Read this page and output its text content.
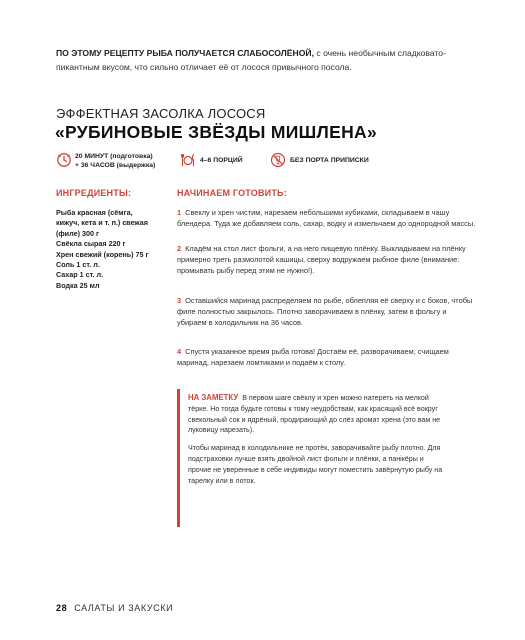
ПО ЭТОМУ РЕЦЕПТУ РЫБА ПОЛУЧАЕТСЯ СЛАБОСОЛЁНОЙ, с очень необычным сладковато-пикантным вкусом, что сильно отличает её от лосося привычного посола.
ЭФФЕКТНАЯ ЗАСОЛКА ЛОСОСЯ
«РУБИНОВЫЕ ЗВЁЗДЫ МИШЛЕНА»
20 МИНУТ (подготовка)
+ 36 ЧАСОВ (выдержка)
4–6 ПОРЦИЙ	БЕЗ ПОРТА ПРИПИСКИ
ИНГРЕДИЕНТЫ:
Рыба красная (сёмга,
кижуч, кета и т. п.) свежая
(филе) 300 г
Свёкла сырая 220 г
Хрен свежий (корень) 75 г
Соль 1 ст. л.
Сахар 1 ст. л.
Водка 25 мл
НАЧИНАЕМ ГОТОВИТЬ:
1 Свеклу и хрен чистим, нарезаем небольшими кубиками, складываем в чашу блендера. Туда же добавляем соль, сахар, водку и измельчаем до однородной массы.
2 Кладём на стол лист фольги, а на него пищевую плёнку. Выкладываем на плёнку примерно треть размолотой кашицы, сверху водружаем рыбное филе (внимание: промывать рыбу перед этим не нужно!).
3 Оставшийся маринад распределяем по рыбе, облепляя её сверху и с боков, чтобы филе полностью закрылось. Плотно заворачиваем в плёнку, затем в фольгу и убираем в холодильник на 36 часов.
4 Спустя указанное время рыба готова! Достаём её, разворачиваем, счищаем маринад, нарезаем ломтиками и подаём к столу.

НА ЗАМЕТКУ В первом шаге свёклу и хрен можно натереть на мелкой тёрке. Но тогда будьте готовы к тому неудобствам, как красящий всё вокруг свекольный сок и ядрёный, продирающий до слёз аромат хрена (это вам не луковицу нарезать).

Чтобы маринад в холодильнике не протёк, заворачивайте рыбу плотно. Для подстраховки лучше взять двойной лист фольги и плёнки, а панікёры и прочие не уверенные в себе индивиды могут поместить завёрнутую рыбу на тарелку или в лоток.

28 САЛАТЫ И ЗАКУСКИ
